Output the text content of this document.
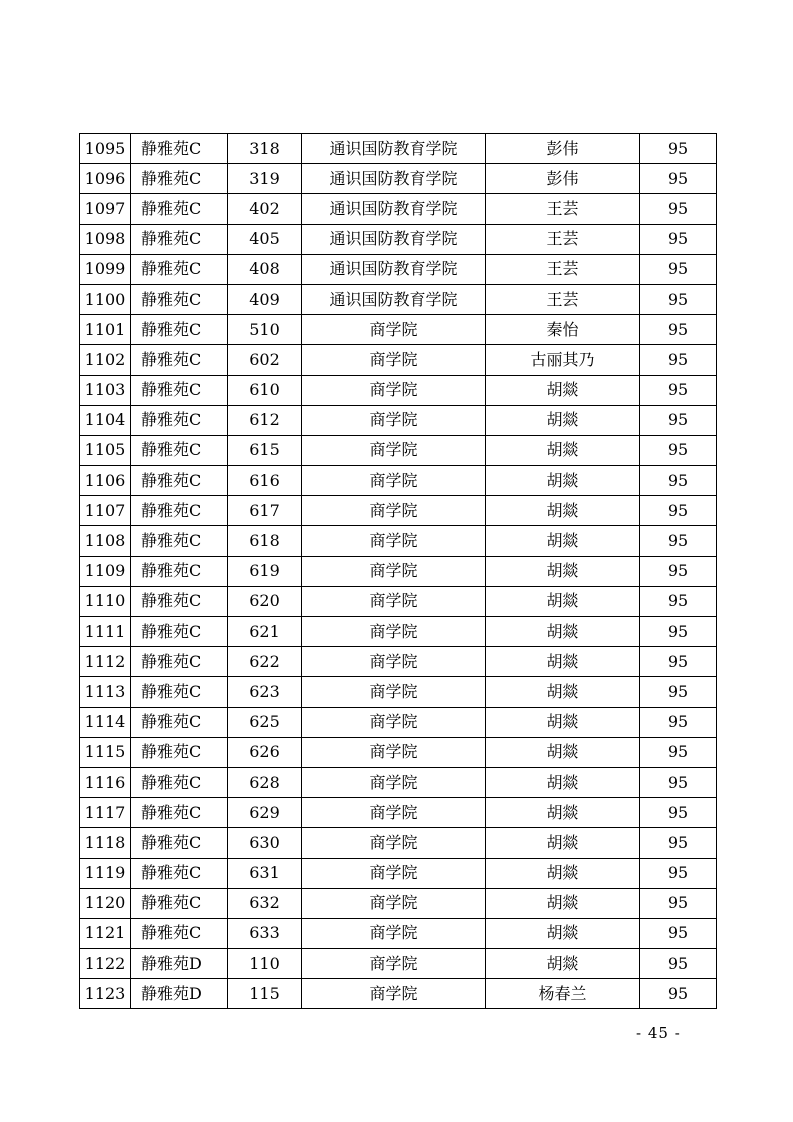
1095	静雅苑C	318	通识国防教育学院	彭伟	95
1096	静雅苑C	319	通识国防教育学院	彭伟	95
1097	静雅苑C	402	通识国防教育学院	王芸	95
1098	静雅苑C	405	通识国防教育学院	王芸	95
1099	静雅苑C	408	通识国防教育学院	王芸	95
1100	静雅苑C	409	通识国防教育学院	王芸	95
1101	静雅苑C	510	商学院	秦怡	95
1102	静雅苑C	602	商学院	古丽其乃	95
1103	静雅苑C	610	商学院	胡燚	95
1104	静雅苑C	612	商学院	胡燚	95
1105	静雅苑C	615	商学院	胡燚	95
1106	静雅苑C	616	商学院	胡燚	95
1107	静雅苑C	617	商学院	胡燚	95
1108	静雅苑C	618	商学院	胡燚	95
1109	静雅苑C	619	商学院	胡燚	95
1110	静雅苑C	620	商学院	胡燚	95
1111	静雅苑C	621	商学院	胡燚	95
1112	静雅苑C	622	商学院	胡燚	95
1113	静雅苑C	623	商学院	胡燚	95
1114	静雅苑C	625	商学院	胡燚	95
1115	静雅苑C	626	商学院	胡燚	95
1116	静雅苑C	628	商学院	胡燚	95
1117	静雅苑C	629	商学院	胡燚	95
1118	静雅苑C	630	商学院	胡燚	95
1119	静雅苑C	631	商学院	胡燚	95
1120	静雅苑C	632	商学院	胡燚	95
1121	静雅苑C	633	商学院	胡燚	95
1122	静雅苑D	110	商学院	胡燚	95
1123	静雅苑D	115	商学院	杨春兰	95
- 45 -
